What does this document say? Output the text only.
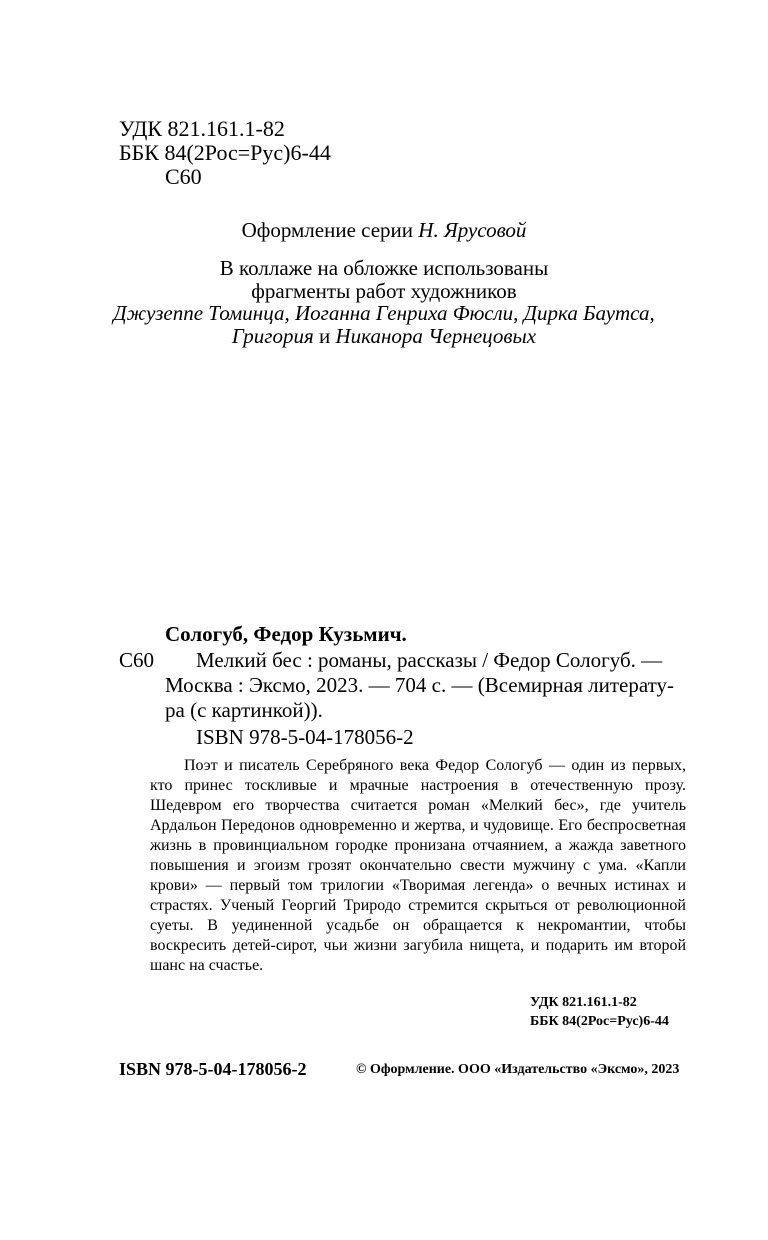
УДК 821.161.1-82
ББК 84(2Рос=Рус)6-44
С60
Оформление серии Н. Ярусовой
В коллаже на обложке использованы
фрагменты работ художников
Джузеппе Томинца, Иоганна Генриха Фюсли, Дирка Баутса,
Григория и Никанора Чернецовых
Сологуб, Федор Кузьмич.
С60 Мелкий бес : романы, рассказы / Федор Сологуб. —
Москва : Эксмо, 2023. — 704 с. — (Всемирная литерату-
ра (с картинкой)).
ISBN 978-5-04-178056-2

Поэт и писатель Серебряного века Федор Сологуб — один из первых, кто принес тоскливые и мрачные настроения в отечественную прозу. Шедевром его творчества считается роман «Мелкий бес», где учитель Ардальон Передонов одновременно и жертва, и чудовище. Его беспросветная жизнь в провинциальном городке пронизана отчаянием, а жажда заветного повышения и эгоизм грозят окончательно свести мужчину с ума. «Капли крови» — первый том трилогии «Творимая легенда» о вечных истинах и страстях. Ученый Георгий Триродо стремится скрыться от революционной суеты. В уединенной усадьбе он обращается к некромантии, чтобы воскресить детей-сирот, чьи жизни загубила нищета, и подарить им второй шанс на счастье.

УДК 821.161.1-82
ББК 84(2Рос=Рус)6-44
ISBN 978-5-04-178056-2	© Оформление. ООО «Издательство «Эксмо», 2023
